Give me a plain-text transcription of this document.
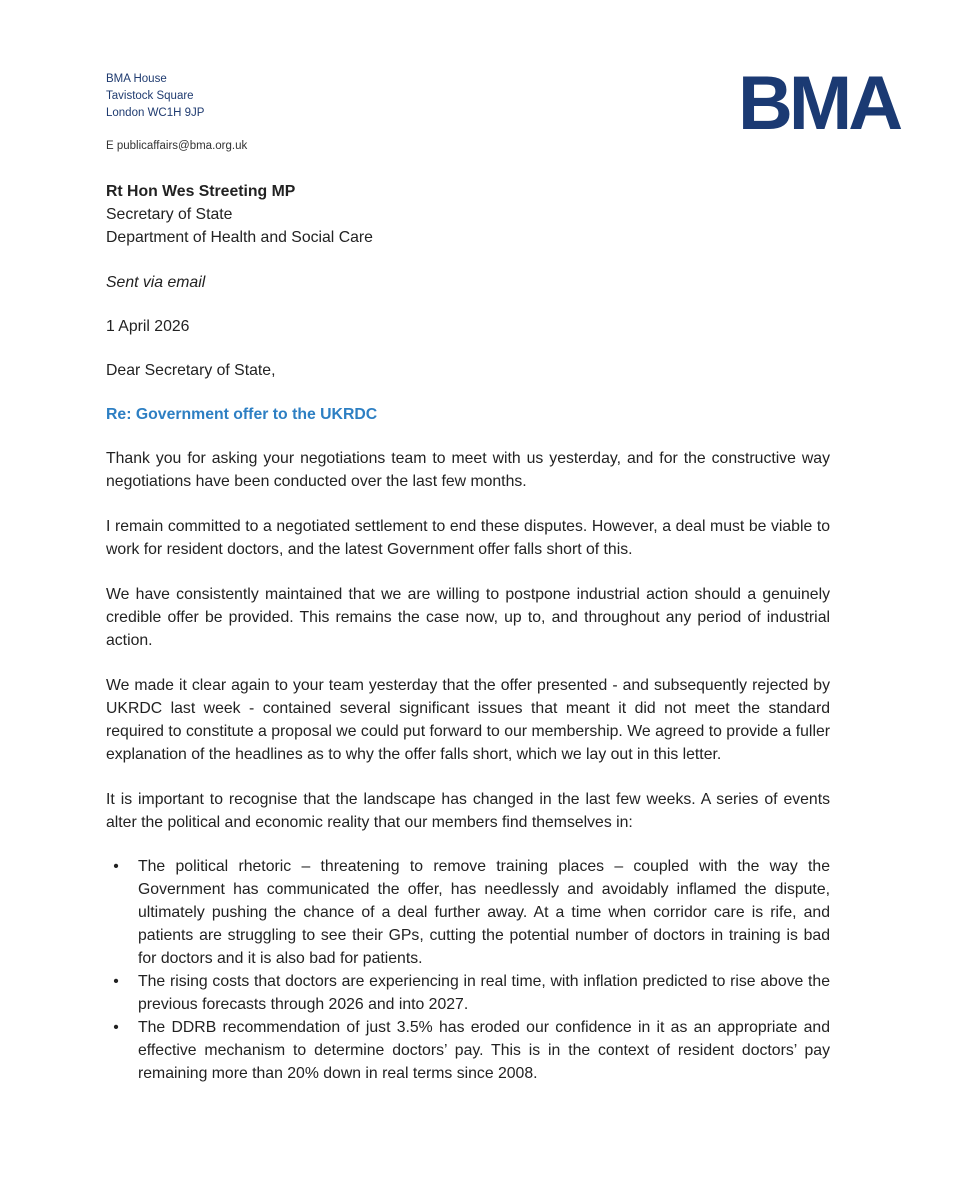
BMA House
Tavistock Square
London WC1H 9JP
E publicaffairs@bma.org.uk	BMA
Rt Hon Wes Streeting MP
Secretary of State
Department of Health and Social Care

Sent via email

1 April 2026

Dear Secretary of State,

Re: Government offer to the UKRDC

Thank you for asking your negotiations team to meet with us yesterday, and for the constructive way negotiations have been conducted over the last few months.

I remain committed to a negotiated settlement to end these disputes. However, a deal must be viable to work for resident doctors, and the latest Government offer falls short of this.

We have consistently maintained that we are willing to postpone industrial action should a genuinely credible offer be provided. This remains the case now, up to, and throughout any period of industrial action.

We made it clear again to your team yesterday that the offer presented - and subsequently rejected by UKRDC last week - contained several significant issues that meant it did not meet the standard required to constitute a proposal we could put forward to our membership. We agreed to provide a fuller explanation of the headlines as to why the offer falls short, which we lay out in this letter.

It is important to recognise that the landscape has changed in the last few weeks. A series of events alter the political and economic reality that our members find themselves in:

• The political rhetoric – threatening to remove training places – coupled with the way the Government has communicated the offer, has needlessly and avoidably inflamed the dispute, ultimately pushing the chance of a deal further away. At a time when corridor care is rife, and patients are struggling to see their GPs, cutting the potential number of doctors in training is bad for doctors and it is also bad for patients.
• The rising costs that doctors are experiencing in real time, with inflation predicted to rise above the previous forecasts through 2026 and into 2027.
• The DDRB recommendation of just 3.5% has eroded our confidence in it as an appropriate and effective mechanism to determine doctors’ pay. This is in the context of resident doctors’ pay remaining more than 20% down in real terms since 2008.
